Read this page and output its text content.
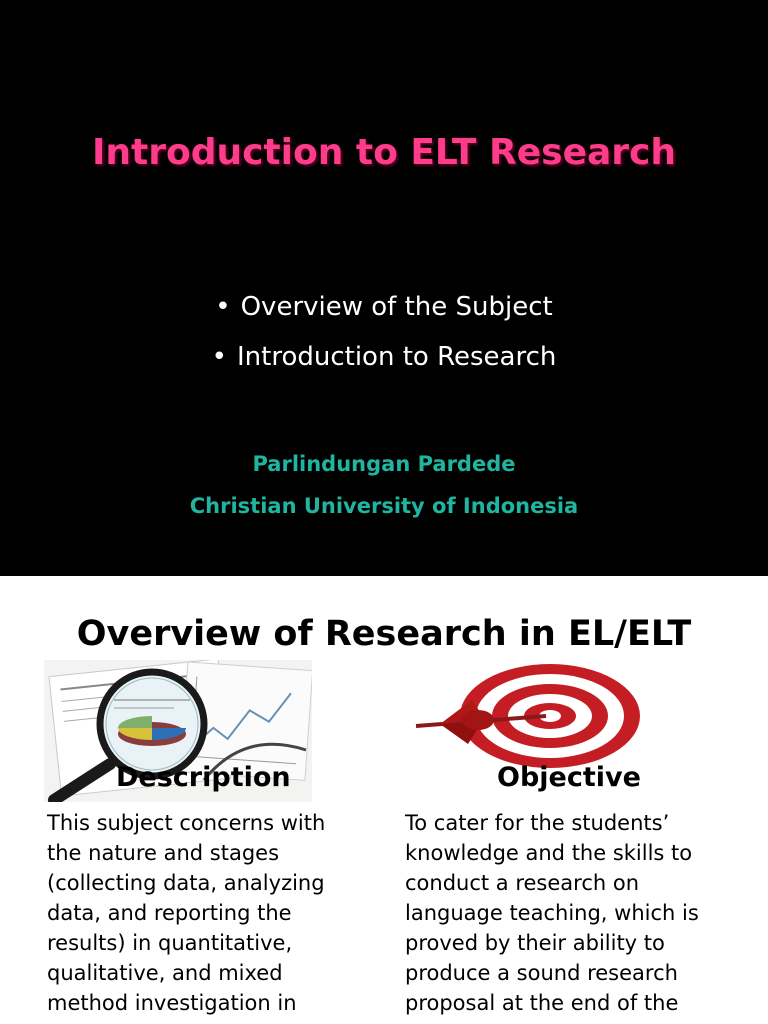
Introduction to ELT Research
• Overview of the Subject
• Introduction to Research
Parlindungan Pardede
Christian University of Indonesia
Overview of Research in EL/ELT
Description
This subject concerns with
the nature and stages
(collecting data, analyzing
data, and reporting the
results) in quantitative,
qualitative, and mixed
method investigation in
Objective
To cater for the students’
knowledge and the skills to
conduct a research on
language teaching, which is
proved by their ability to
produce a sound research
proposal at the end of the
